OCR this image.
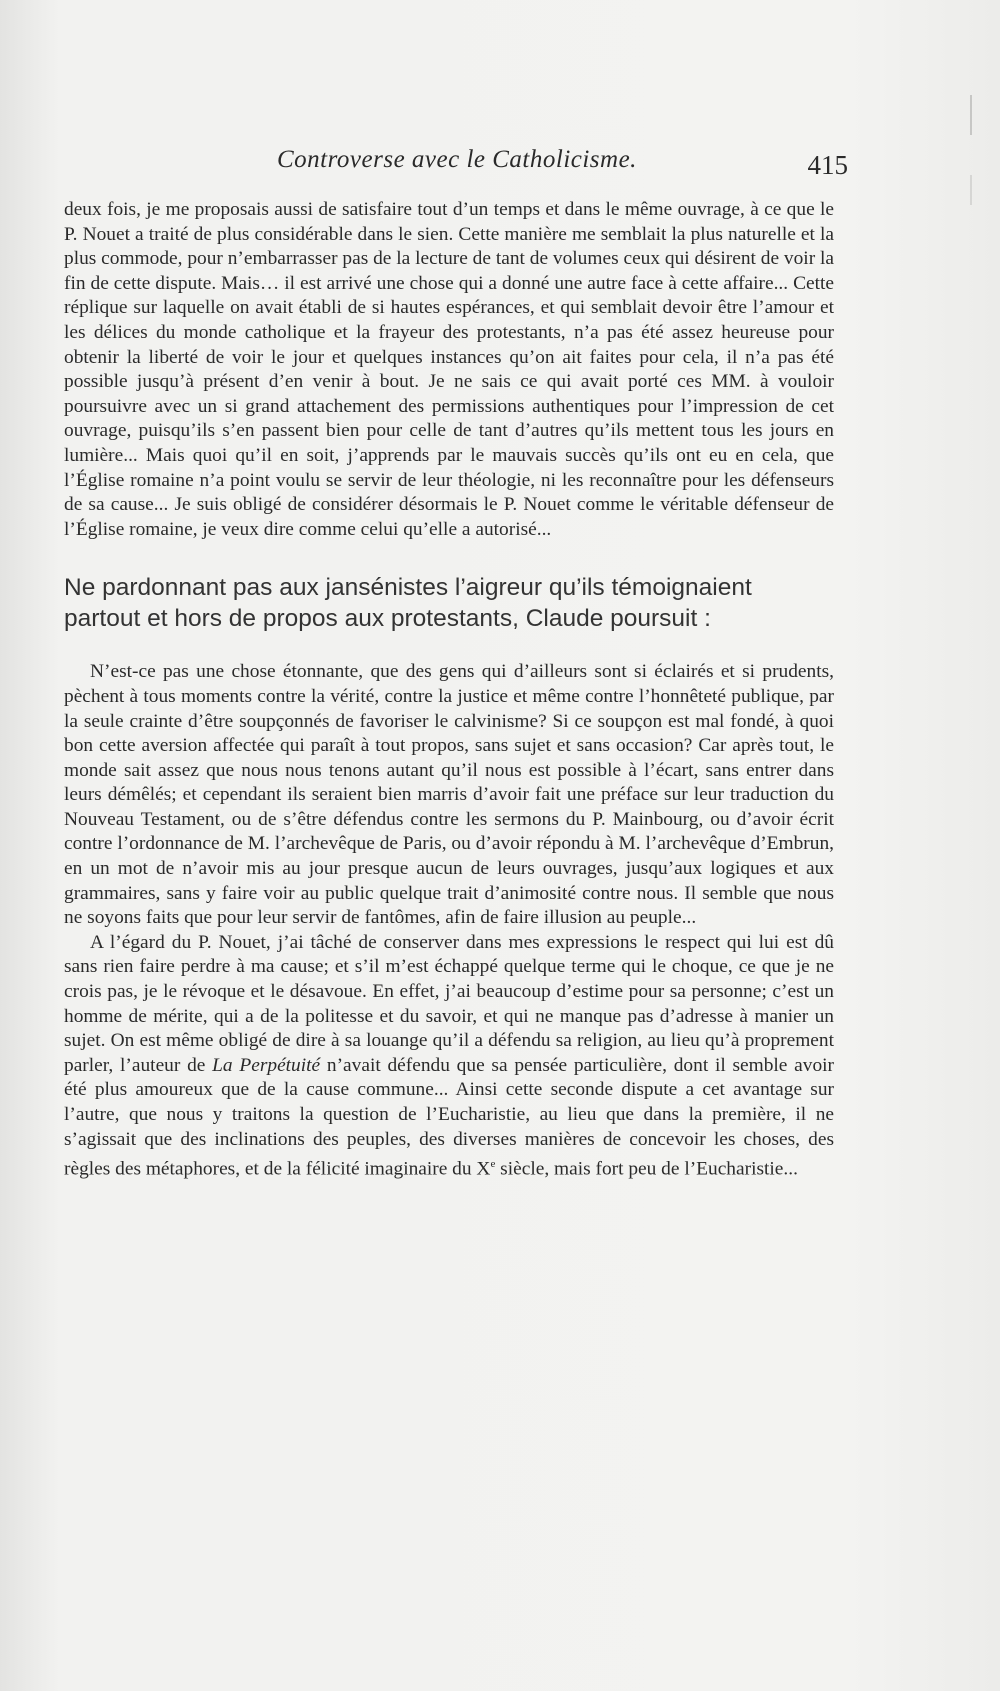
Controverse avec le Catholicisme.	415

deux fois, je me proposais aussi de satisfaire tout d’un temps et dans le même ouvrage, à ce que le P. Nouet a traité de plus considérable dans le sien. Cette manière me semblait la plus naturelle et la plus commode, pour n’embarrasser pas de la lecture de tant de volumes ceux qui désirent de voir la fin de cette dispute. Mais… il est arrivé une chose qui a donné une autre face à cette affaire... Cette réplique sur laquelle on avait établi de si hautes espérances, et qui semblait devoir être l’amour et les délices du monde catholique et la frayeur des protestants, n’a pas été assez heureuse pour obtenir la liberté de voir le jour et quelques instances qu’on ait faites pour cela, il n’a pas été possible jusqu’à présent d’en venir à bout. Je ne sais ce qui avait porté ces MM. à vouloir poursuivre avec un si grand attachement des permissions authentiques pour l’impression de cet ouvrage, puisqu’ils s’en passent bien pour celle de tant d’autres qu’ils mettent tous les jours en lumière... Mais quoi qu’il en soit, j’apprends par le mauvais succès qu’ils ont eu en cela, que l’Église romaine n’a point voulu se servir de leur théologie, ni les reconnaître pour les défenseurs de sa cause... Je suis obligé de considérer désormais le P. Nouet comme le véritable défenseur de l’Église romaine, je veux dire comme celui qu’elle a autorisé...

Ne pardonnant pas aux jansénistes l’aigreur qu’ils témoignaient partout et hors de propos aux protestants, Claude poursuit :

N’est-ce pas une chose étonnante, que des gens qui d’ailleurs sont si éclairés et si prudents, pèchent à tous moments contre la vérité, contre la justice et même contre l’honnêteté publique, par la seule crainte d’être soupçonnés de favoriser le calvinisme? Si ce soupçon est mal fondé, à quoi bon cette aversion affectée qui paraît à tout propos, sans sujet et sans occasion? Car après tout, le monde sait assez que nous nous tenons autant qu’il nous est possible à l’écart, sans entrer dans leurs démêlés; et cependant ils seraient bien marris d’avoir fait une préface sur leur traduction du Nouveau Testament, ou de s’être défendus contre les sermons du P. Mainbourg, ou d’avoir écrit contre l’ordonnance de M. l’archevêque de Paris, ou d’avoir répondu à M. l’archevêque d’Embrun, en un mot de n’avoir mis au jour presque aucun de leurs ouvrages, jusqu’aux logiques et aux grammaires, sans y faire voir au public quelque trait d’animosité contre nous. Il semble que nous ne soyons faits que pour leur servir de fantômes, afin de faire illusion au peuple...

A l’égard du P. Nouet, j’ai tâché de conserver dans mes expressions le respect qui lui est dû sans rien faire perdre à ma cause; et s’il m’est échappé quelque terme qui le choque, ce que je ne crois pas, je le révoque et le désavoue. En effet, j’ai beaucoup d’estime pour sa personne; c’est un homme de mérite, qui a de la politesse et du savoir, et qui ne manque pas d’adresse à manier un sujet. On est même obligé de dire à sa louange qu’il a défendu sa religion, au lieu qu’à proprement parler, l’auteur de La Perpétuité n’avait défendu que sa pensée particulière, dont il semble avoir été plus amoureux que de la cause commune... Ainsi cette seconde dispute a cet avantage sur l’autre, que nous y traitons la question de l’Eucharistie, au lieu que dans la première, il ne s’agissait que des inclinations des peuples, des diverses manières de concevoir les choses, des règles des métaphores, et de la félicité imaginaire du Xe siècle, mais fort peu de l’Eucharistie...
